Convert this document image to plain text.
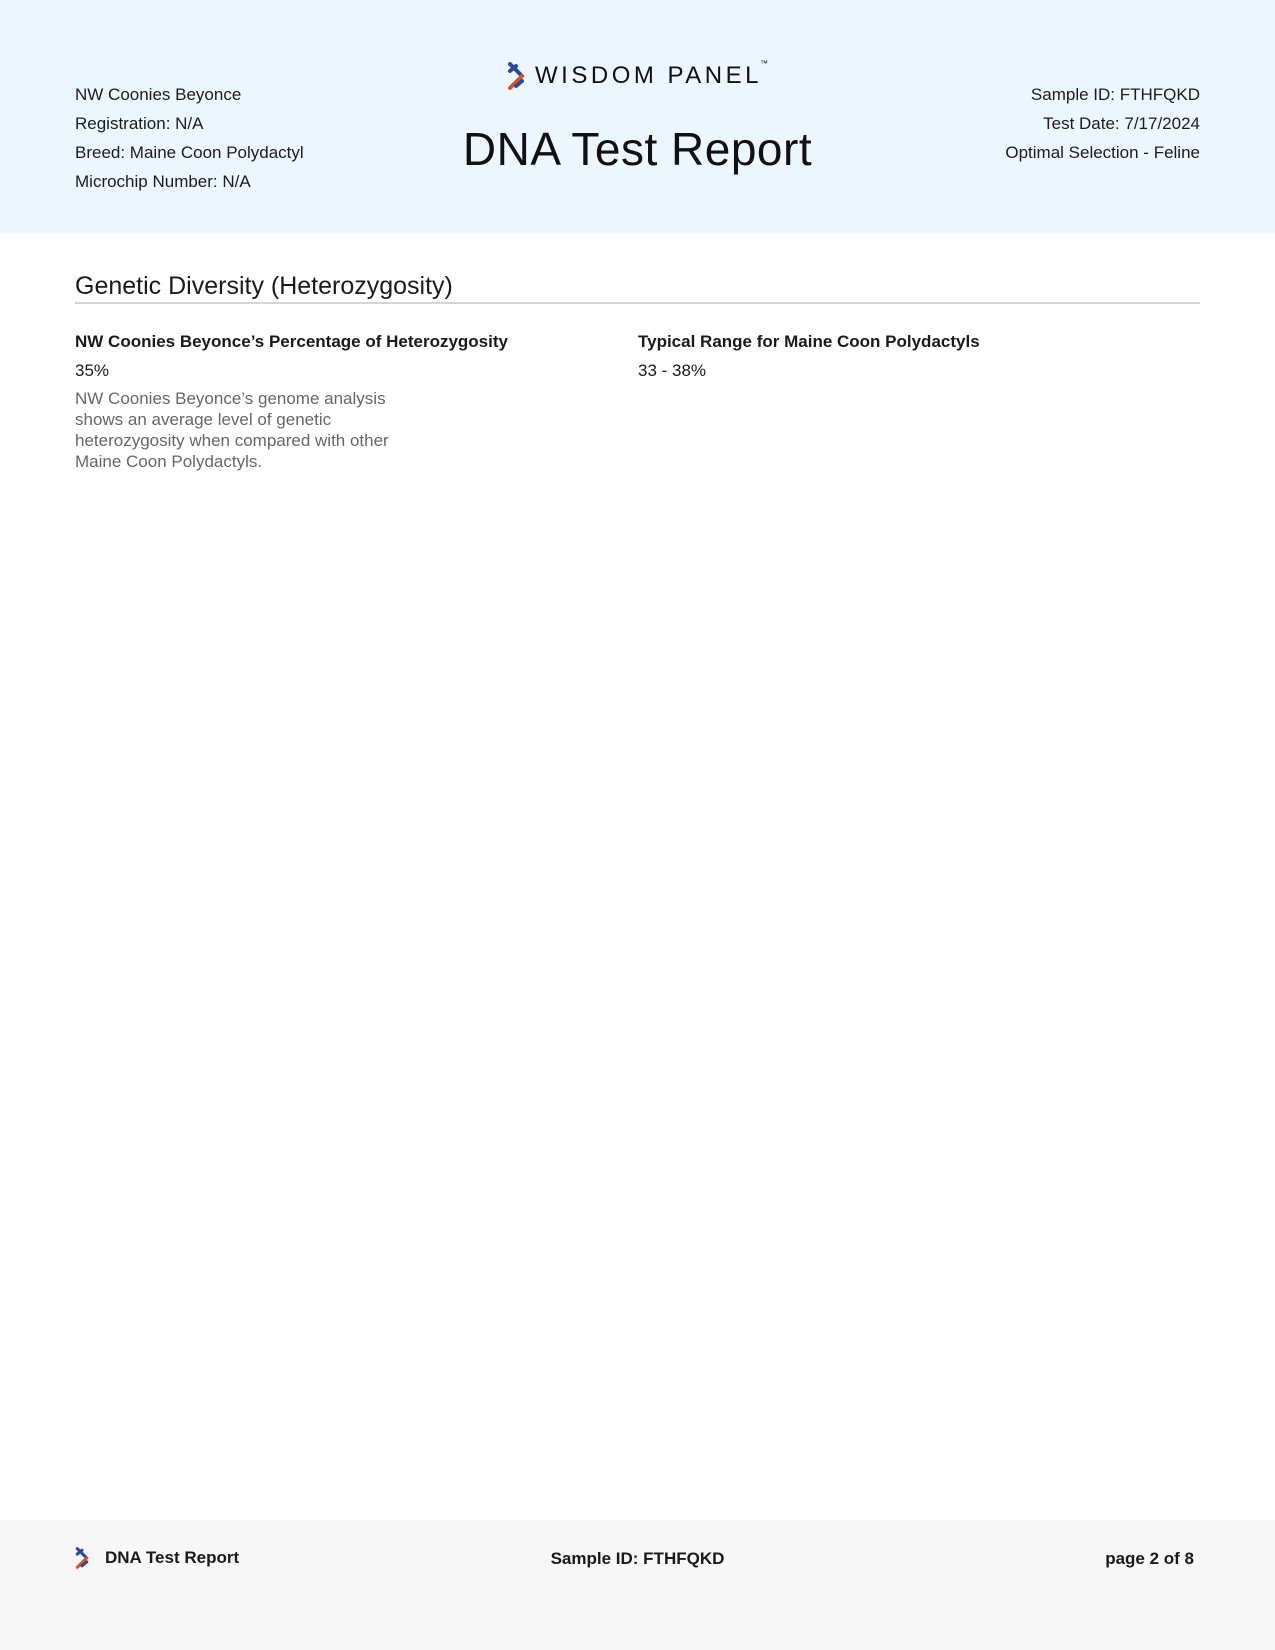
NW Coonies Beyonce
Registration: N/A
Breed: Maine Coon Polydactyl
Microchip Number: N/A
WISDOM PANEL™
DNA Test Report
Sample ID: FTHFQKD
Test Date: 7/17/2024
Optimal Selection - Feline
Genetic Diversity (Heterozygosity)
NW Coonies Beyonce’s Percentage of Heterozygosity
35%
NW Coonies Beyonce’s genome analysis shows an average level of genetic heterozygosity when compared with other Maine Coon Polydactyls.
Typical Range for Maine Coon Polydactyls
33 - 38%
DNA Test Report	Sample ID: FTHFQKD	page 2 of 8
